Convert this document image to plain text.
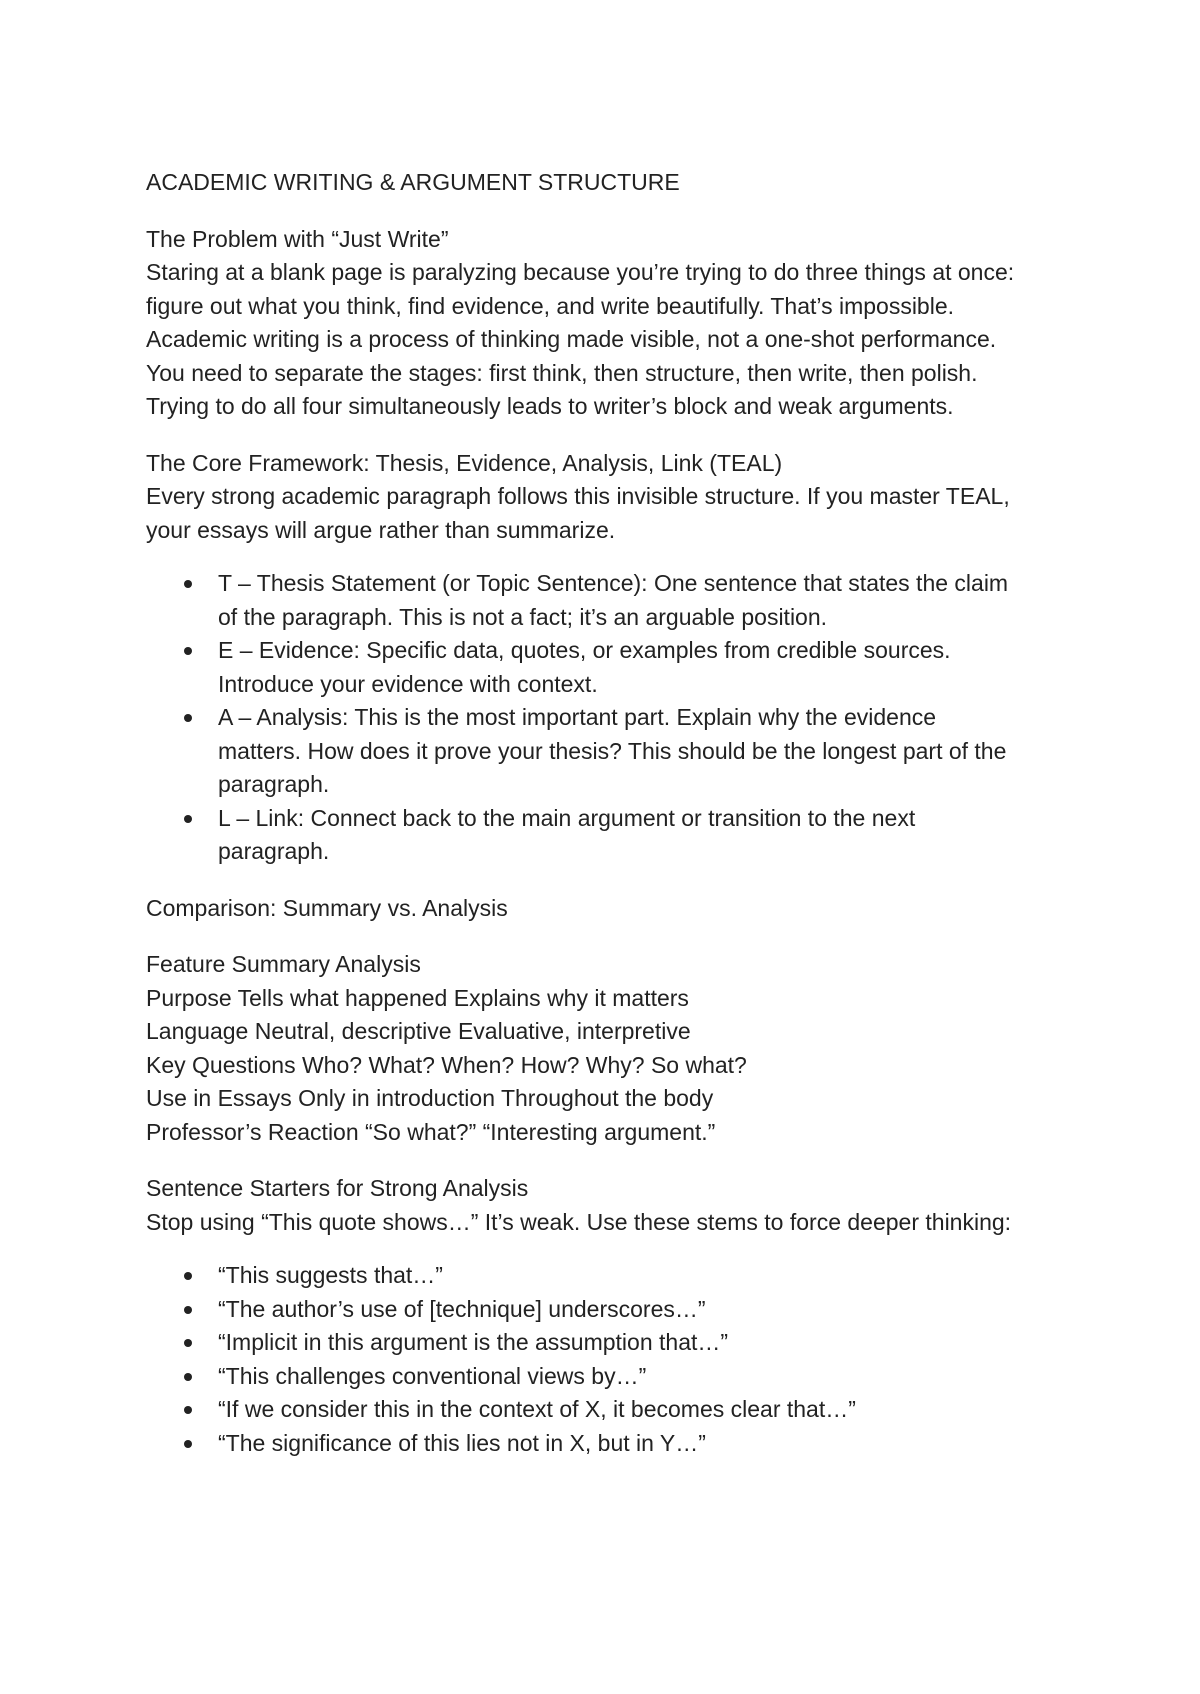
ACADEMIC WRITING & ARGUMENT STRUCTURE
The Problem with “Just Write”
Staring at a blank page is paralyzing because you’re trying to do three things at once:
figure out what you think, find evidence, and write beautifully. That’s impossible.
Academic writing is a process of thinking made visible, not a one-shot performance.
You need to separate the stages: first think, then structure, then write, then polish.
Trying to do all four simultaneously leads to writer’s block and weak arguments.
The Core Framework: Thesis, Evidence, Analysis, Link (TEAL)
Every strong academic paragraph follows this invisible structure. If you master TEAL,
your essays will argue rather than summarize.
T – Thesis Statement (or Topic Sentence): One sentence that states the claim
of the paragraph. This is not a fact; it’s an arguable position.
E – Evidence: Specific data, quotes, or examples from credible sources.
Introduce your evidence with context.
A – Analysis: This is the most important part. Explain why the evidence
matters. How does it prove your thesis? This should be the longest part of the
paragraph.
L – Link: Connect back to the main argument or transition to the next
paragraph.
Comparison: Summary vs. Analysis
Feature Summary Analysis
Purpose Tells what happened Explains why it matters
Language Neutral, descriptive Evaluative, interpretive
Key Questions Who? What? When? How? Why? So what?
Use in Essays Only in introduction Throughout the body
Professor’s Reaction “So what?” “Interesting argument.”
Sentence Starters for Strong Analysis
Stop using “This quote shows…” It’s weak. Use these stems to force deeper thinking:
“This suggests that…”
“The author’s use of [technique] underscores…”
“Implicit in this argument is the assumption that…”
“This challenges conventional views by…”
“If we consider this in the context of X, it becomes clear that…”
“The significance of this lies not in X, but in Y…”
